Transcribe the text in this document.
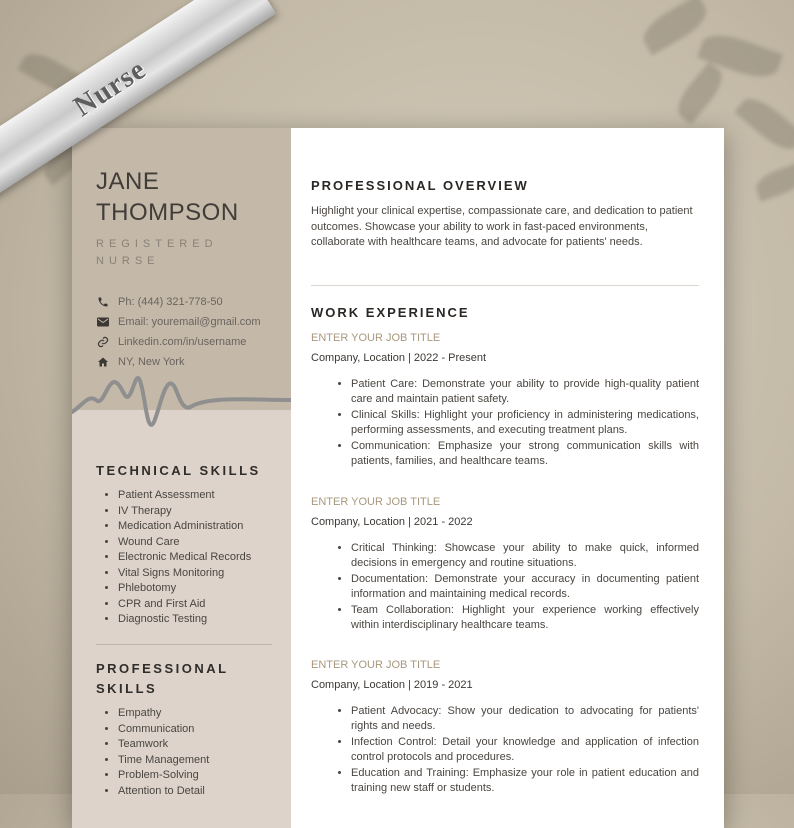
JANE
THOMPSON

REGISTERED
NURSE

Ph: (444) 321-778-50
Email: youremail@gmail.com
Linkedin.com/in/username
NY, New York
TECHNICAL SKILLS
• Patient Assessment
• IV Therapy
• Medication Administration
• Wound Care
• Electronic Medical Records
• Vital Signs Monitoring
• Phlebotomy
• CPR and First Aid
• Diagnostic Testing
PROFESSIONAL
SKILLS
• Empathy
• Communication
• Teamwork
• Time Management
• Problem-Solving
• Attention to Detail
PROFESSIONAL OVERVIEW

Highlight your clinical expertise, compassionate care, and dedication to patient outcomes. Showcase your ability to work in fast-paced environments, collaborate with healthcare teams, and advocate for patients' needs.

WORK EXPERIENCE

ENTER YOUR JOB TITLE

Company, Location | 2022 - Present

• Patient Care: Demonstrate your ability to provide high-quality patient care and maintain patient safety.
• Clinical Skills: Highlight your proficiency in administering medications, performing assessments, and executing treatment plans.
• Communication: Emphasize your strong communication skills with patients, families, and healthcare teams.

ENTER YOUR JOB TITLE

Company, Location | 2021 - 2022

• Critical Thinking: Showcase your ability to make quick, informed decisions in emergency and routine situations.
• Documentation: Demonstrate your accuracy in documenting patient information and maintaining medical records.
• Team Collaboration: Highlight your experience working effectively within interdisciplinary healthcare teams.

ENTER YOUR JOB TITLE

Company, Location | 2019 - 2021

• Patient Advocacy: Show your dedication to advocating for patients' rights and needs.
• Infection Control: Detail your knowledge and application of infection control protocols and procedures.
• Education and Training: Emphasize your role in patient education and training new staff or students.
Nurse
